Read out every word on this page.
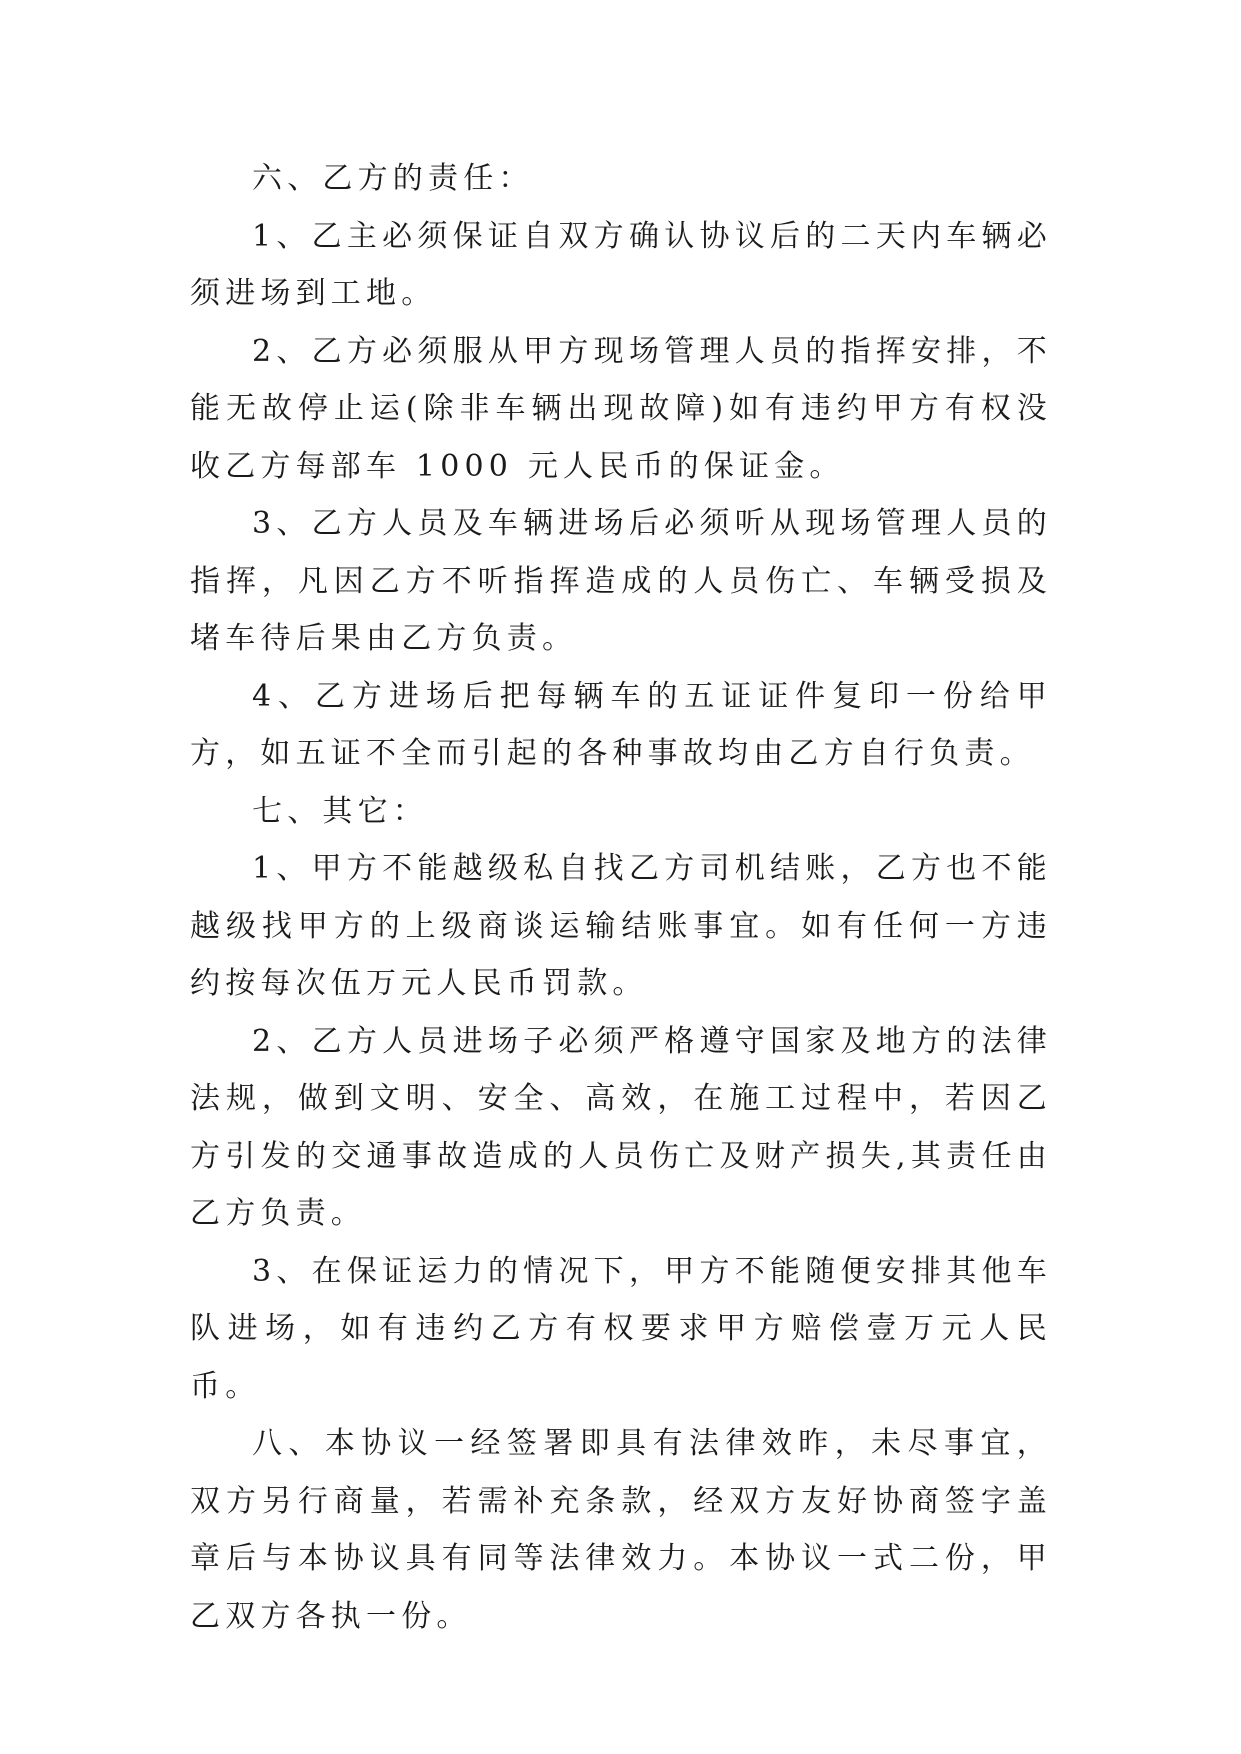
六、乙方的责任：

1、乙主必须保证自双方确认协议后的二天内车辆必须进场到工地。

2、乙方必须服从甲方现场管理人员的指挥安排，不能无故停止运(除非车辆出现故障)如有违约甲方有权没收乙方每部车 1000 元人民币的保证金。

3、乙方人员及车辆进场后必须听从现场管理人员的指挥，凡因乙方不听指挥造成的人员伤亡、车辆受损及堵车待后果由乙方负责。

4、乙方进场后把每辆车的五证证件复印一份给甲方，如五证不全而引起的各种事故均由乙方自行负责。

七、其它：

1、甲方不能越级私自找乙方司机结账，乙方也不能越级找甲方的上级商谈运输结账事宜。如有任何一方违约按每次伍万元人民币罚款。

2、乙方人员进场子必须严格遵守国家及地方的法律法规，做到文明、安全、高效，在施工过程中，若因乙方引发的交通事故造成的人员伤亡及财产损失,其责任由乙方负责。

3、在保证运力的情况下，甲方不能随便安排其他车队进场，如有违约乙方有权要求甲方赔偿壹万元人民币。

八、本协议一经签署即具有法律效昨，未尽事宜，双方另行商量，若需补充条款，经双方友好协商签字盖章后与本协议具有同等法律效力。本协议一式二份，甲乙双方各执一份。
